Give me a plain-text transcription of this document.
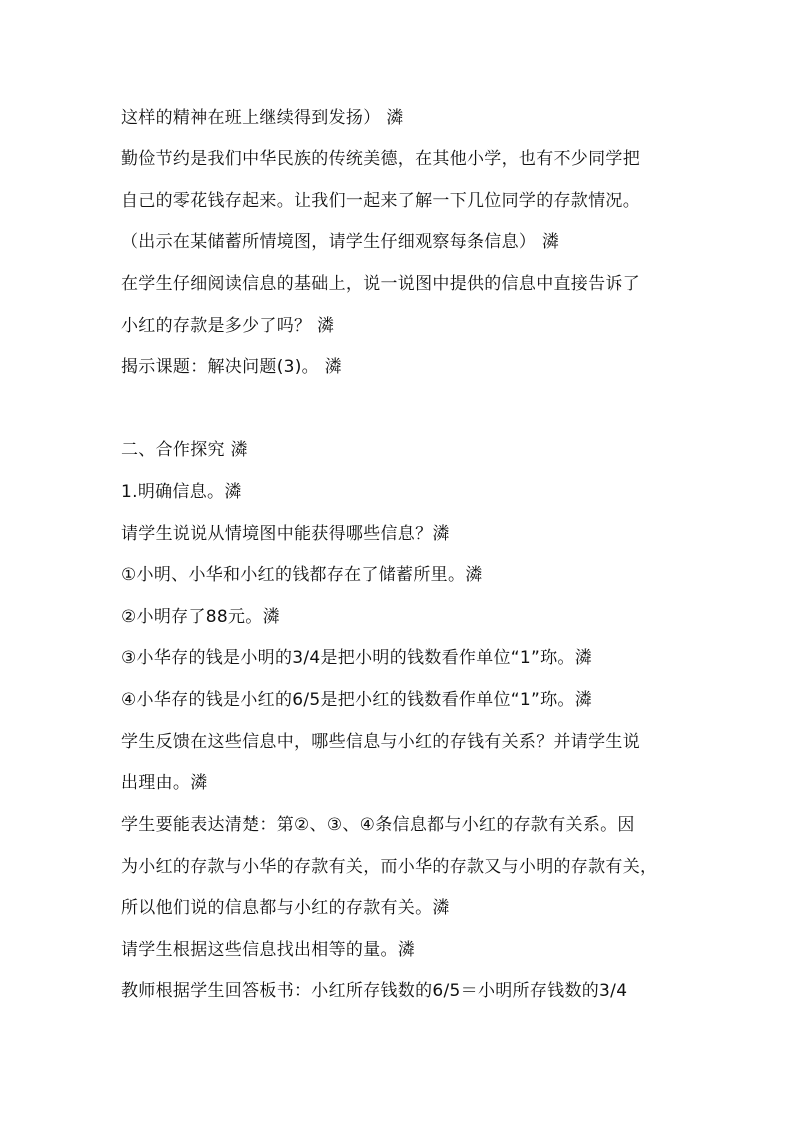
这样的精神在班上继续得到发扬） 潾
勤俭节约是我们中华民族的传统美德，在其他小学，也有不少同学把
自己的零花钱存起来。让我们一起来了解一下几位同学的存款情况。
（出示在某储蓄所情境图，请学生仔细观察每条信息） 潾
在学生仔细阅读信息的基础上，说一说图中提供的信息中直接告诉了
小红的存款是多少了吗？ 潾
揭示课题：解决问题(3)。 潾
二、合作探究 潾
1.明确信息。潾
请学生说说从情境图中能获得哪些信息？潾
①小明、小华和小红的钱都存在了储蓄所里。潾
②小明存了88元。潾
③小华存的钱是小明的3/4是把小明的钱数看作单位“1”珎。潾
④小华存的钱是小红的6/5是把小红的钱数看作单位“1”珎。潾
学生反馈在这些信息中，哪些信息与小红的存钱有关系？并请学生说
出理由。潾
学生要能表达清楚：第②、③、④条信息都与小红的存款有关系。因
为小红的存款与小华的存款有关，而小华的存款又与小明的存款有关，
所以他们说的信息都与小红的存款有关。潾
请学生根据这些信息找出相等的量。潾
教师根据学生回答板书：小红所存钱数的6/5＝小明所存钱数的3/4
